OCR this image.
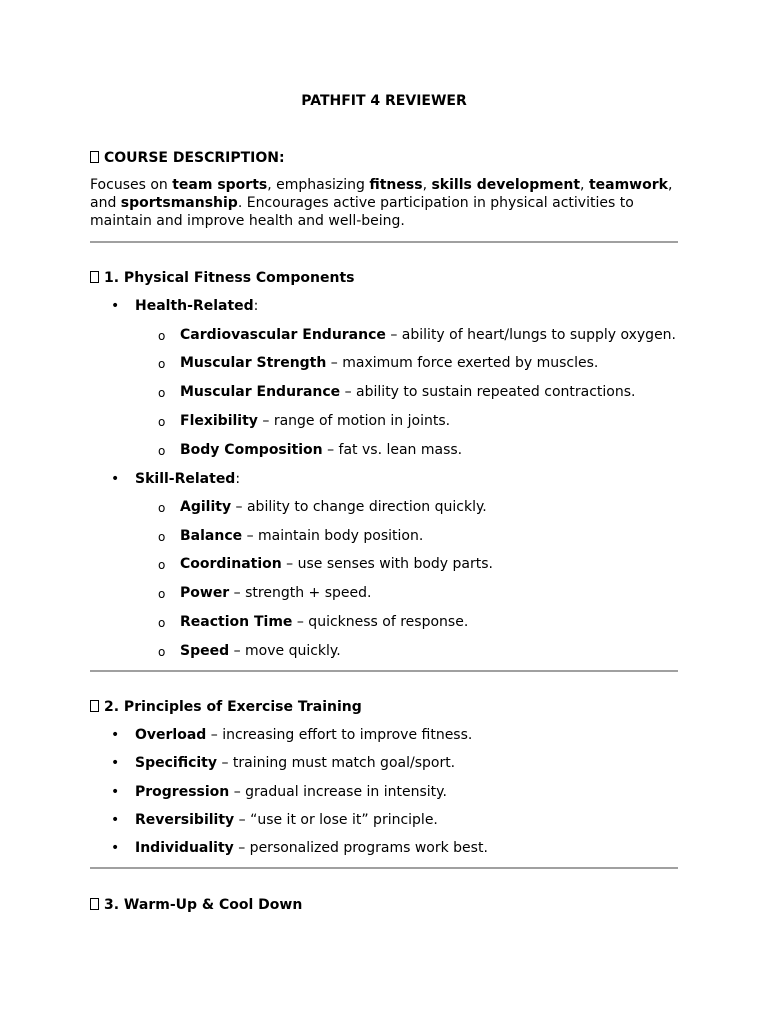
PATHFIT 4 REVIEWER
COURSE DESCRIPTION:
Focuses on team sports, emphasizing fitness, skills development, teamwork, and sportsmanship. Encourages active participation in physical activities to maintain and improve health and well-being.
1. Physical Fitness Components
• Health-Related:
o Cardiovascular Endurance – ability of heart/lungs to supply oxygen.
o Muscular Strength – maximum force exerted by muscles.
o Muscular Endurance – ability to sustain repeated contractions.
o Flexibility – range of motion in joints.
o Body Composition – fat vs. lean mass.
• Skill-Related:
o Agility – ability to change direction quickly.
o Balance – maintain body position.
o Coordination – use senses with body parts.
o Power – strength + speed.
o Reaction Time – quickness of response.
o Speed – move quickly.
2. Principles of Exercise Training
• Overload – increasing effort to improve fitness.
• Specificity – training must match goal/sport.
• Progression – gradual increase in intensity.
• Reversibility – “use it or lose it” principle.
• Individuality – personalized programs work best.
3. Warm-Up & Cool Down
